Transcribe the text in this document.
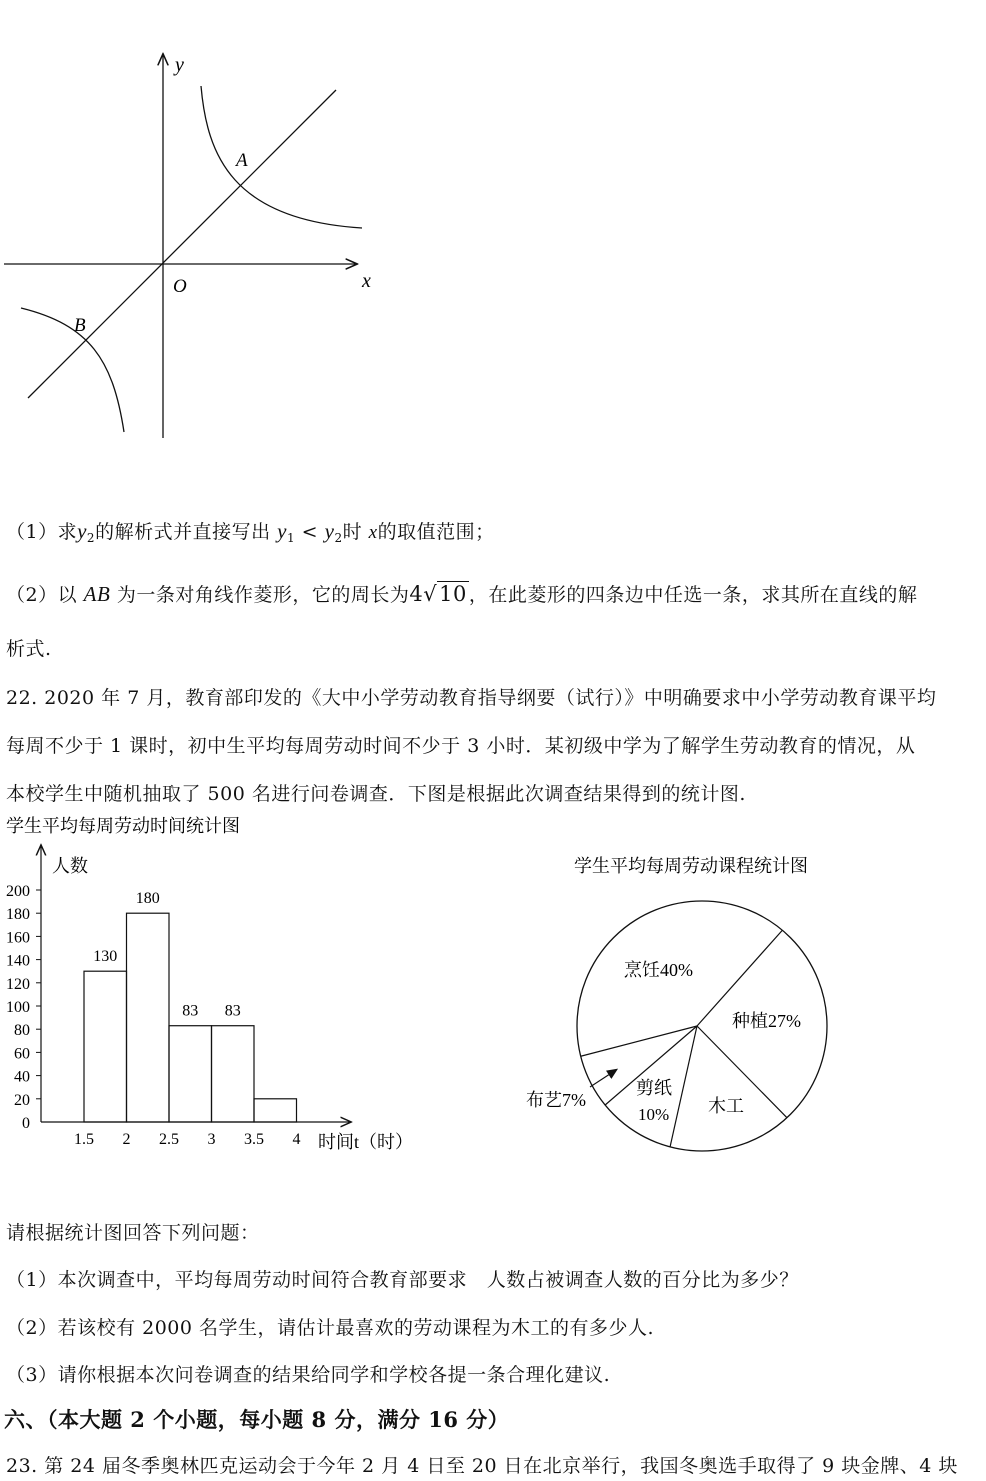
y
x
O
A
B
（1）求$y_2$的解析式并直接写出 $y_1 < y_2$时 x的取值范围；
（2）以 AB 为一条对角线作菱形，它的周长为4√10 ，在此菱形的四条边中任选一条，求其所在直线的解
析式.
22. 2020 年 7 月，教育部印发的《大中小学劳动教育指导纲要（试行）》中明确要求中小学劳动教育课平均
每周不少于 1 课时，初中生平均每周劳动时间不少于 3 小时．某初级中学为了解学生劳动教育的情况，从
本校学生中随机抽取了 500 名进行问卷调查．下图是根据此次调查结果得到的统计图.
学生平均每周劳动时间统计图
人数
时间t（时）
0
20
40
60
80
100
120
140
160
180
200
1.5 2 2.5 3 3.5 4
130
180
83 83
学生平均每周劳动课程统计图
烹饪40%
种植27%
木工
剪纸
10%
布艺7%
请根据统计图回答下列问题：
（1）本次调查中，平均每周劳动时间符合教育部要求 人数占被调查人数的百分比为多少？
（2）若该校有 2000 名学生，请估计最喜欢的劳动课程为木工的有多少人.
（3）请你根据本次问卷调查的结果给同学和学校各提一条合理化建议.
六、（本大题 2 个小题，每小题 8 分，满分 16 分）
23. 第 24 届冬季奥林匹克运动会于今年 2 月 4 日至 20 日在北京举行，我国冬奥选手取得了 9 块金牌、4 块
